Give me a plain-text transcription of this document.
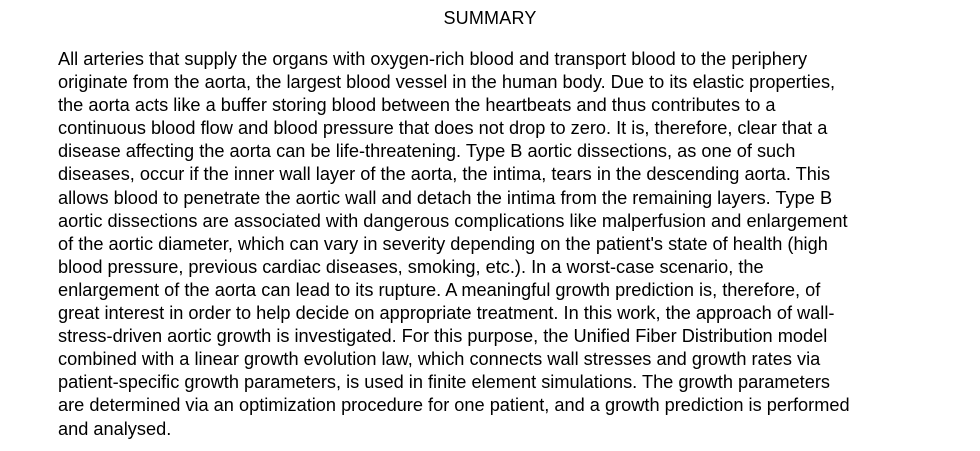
SUMMARY
All arteries that supply the organs with oxygen-rich blood and transport blood to the periphery
originate from the aorta, the largest blood vessel in the human body. Due to its elastic properties,
the aorta acts like a buffer storing blood between the heartbeats and thus contributes to a
continuous blood flow and blood pressure that does not drop to zero. It is, therefore, clear that a
disease affecting the aorta can be life-threatening. Type B aortic dissections, as one of such
diseases, occur if the inner wall layer of the aorta, the intima, tears in the descending aorta. This
allows blood to penetrate the aortic wall and detach the intima from the remaining layers. Type B
aortic dissections are associated with dangerous complications like malperfusion and enlargement
of the aortic diameter, which can vary in severity depending on the patient's state of health (high
blood pressure, previous cardiac diseases, smoking, etc.). In a worst-case scenario, the
enlargement of the aorta can lead to its rupture. A meaningful growth prediction is, therefore, of
great interest in order to help decide on appropriate treatment. In this work, the approach of wall-
stress-driven aortic growth is investigated. For this purpose, the Unified Fiber Distribution model
combined with a linear growth evolution law, which connects wall stresses and growth rates via
patient-specific growth parameters, is used in finite element simulations. The growth parameters
are determined via an optimization procedure for one patient, and a growth prediction is performed
and analysed.
